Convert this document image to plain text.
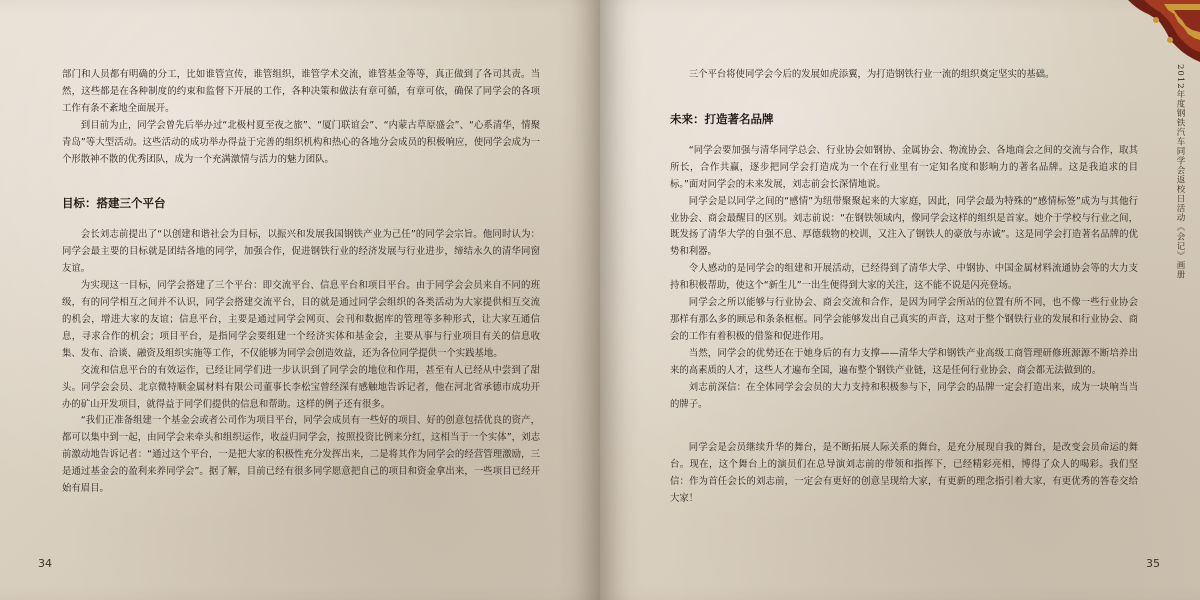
部门和人员都有明确的分工，比如谁管宣传，谁管组织，谁管学术交流，谁管基金等等，真正做到了各司其责。当然，这些都是在各种制度的约束和监督下开展的工作，各种决策和做法有章可循，有章可依，确保了同学会的各项工作有条不紊地全面展开。

到目前为止，同学会曾先后举办过“北极村夏至夜之旅”、“厦门联谊会”、“内蒙古草原盛会”、“心系清华，情聚青岛”等大型活动。这些活动的成功举办得益于完善的组织机构和热心的各地分会成员的积极响应，使同学会成为一个形散神不散的优秀团队，成为一个充满激情与活力的魅力团队。

目标：搭建三个平台

会长刘志前提出了“以创建和谐社会为目标，以振兴和发展我国钢铁产业为己任”的同学会宗旨。他同时认为：同学会最主要的目标就是团结各地的同学，加强合作，促进钢铁行业的经济发展与行业进步，缔结永久的清华同窗友谊。

为实现这一目标，同学会搭建了三个平台：即交流平台、信息平台和项目平台。由于同学会会员来自不同的班级，有的同学相互之间并不认识，同学会搭建交流平台，目的就是通过同学会组织的各类活动为大家提供相互交流的机会，增进大家的友谊；信息平台，主要是通过同学会网页、会刊和数据库的管理等多种形式，让大家互通信息，寻求合作的机会；项目平台，是指同学会要组建一个经济实体和基金会，主要从事与行业项目有关的信息收集、发布、洽谈、融资及组织实施等工作，不仅能够为同学会创造效益，还为各位同学提供一个实践基地。

交流和信息平台的有效运作，已经让同学们进一步认识到了同学会的地位和作用，甚至有人已经从中尝到了甜头。同学会会员、北京微特顺金属材料有限公司董事长李松宝曾经深有感触地告诉记者，他在河北省承德市成功开办的矿山开发项目，就得益于同学们提供的信息和帮助。这样的例子还有很多。

“我们正准备组建一个基金会或者公司作为项目平台，同学会成员有一些好的项目、好的创意包括优良的资产，都可以集中到一起，由同学会来牵头和组织运作，收益归同学会，按照投资比例来分红，这相当于一个实体”，刘志前激动地告诉记者：“通过这个平台，一是把大家的积极性充分发挥出来，二是将其作为同学会的经营管理激励，三是通过基金会的盈利来养同学会”。据了解，目前已经有很多同学愿意把自己的项目和资金拿出来，一些项目已经开始有眉目。

34

三个平台将使同学会今后的发展如虎添翼，为打造钢铁行业一流的组织奠定坚实的基础。

未来：打造著名品牌

“同学会要加强与清华同学总会、行业协会如钢协、金属协会、物流协会、各地商会之间的交流与合作，取其所长，合作共赢，逐步把同学会打造成为一个在行业里有一定知名度和影响力的著名品牌。这是我追求的目标。”面对同学会的未来发展，刘志前会长深情地说。

同学会是以同学之间的“感情”为纽带聚聚起来的大家庭，因此，同学会最为特殊的“感情标签”成为与其他行业协会、商会最醒目的区别。刘志前说：“在钢铁领域内，像同学会这样的组织是首家。她介于学校与行业之间，既发扬了清华大学的自强不息、厚德载物的校训，又注入了钢铁人的豪放与赤诚”。这是同学会打造著名品牌的优势和利器。

令人感动的是同学会的组建和开展活动，已经得到了清华大学、中钢协、中国金属材料流通协会等的大力支持和积极帮助，使这个“新生儿”一出生便得到大家的关注，这不能不说是闪亮登场。

同学会之所以能够与行业协会、商会交流和合作，是因为同学会所站的位置有所不同，也不像一些行业协会那样有那么多的顾忌和条条框框。同学会能够发出自己真实的声音，这对于整个钢铁行业的发展和行业协会、商会的工作有着积极的借鉴和促进作用。

当然，同学会的优势还在于她身后的有力支撑——清华大学和钢铁产业高级工商管理研修班源源不断培养出来的高素质的人才，这些人才遍布全国，遍布整个钢铁产业链，这是任何行业协会、商会都无法做到的。

刘志前深信：在全体同学会会员的大力支持和积极参与下，同学会的品牌一定会打造出来，成为一块响当当的牌子。

同学会是会员继续升华的舞台，是不断拓展人际关系的舞台，是充分展现自我的舞台，是改变会员命运的舞台。现在，这个舞台上的演员们在总导演刘志前的带领和指挥下，已经精彩亮相，博得了众人的喝彩。我们坚信：作为首任会长的刘志前，一定会有更好的创意呈现给大家，有更新的理念指引着大家，有更优秀的答卷交给大家！

2012年度钢铁汽车同学会返校日活动《会记》画册
35
